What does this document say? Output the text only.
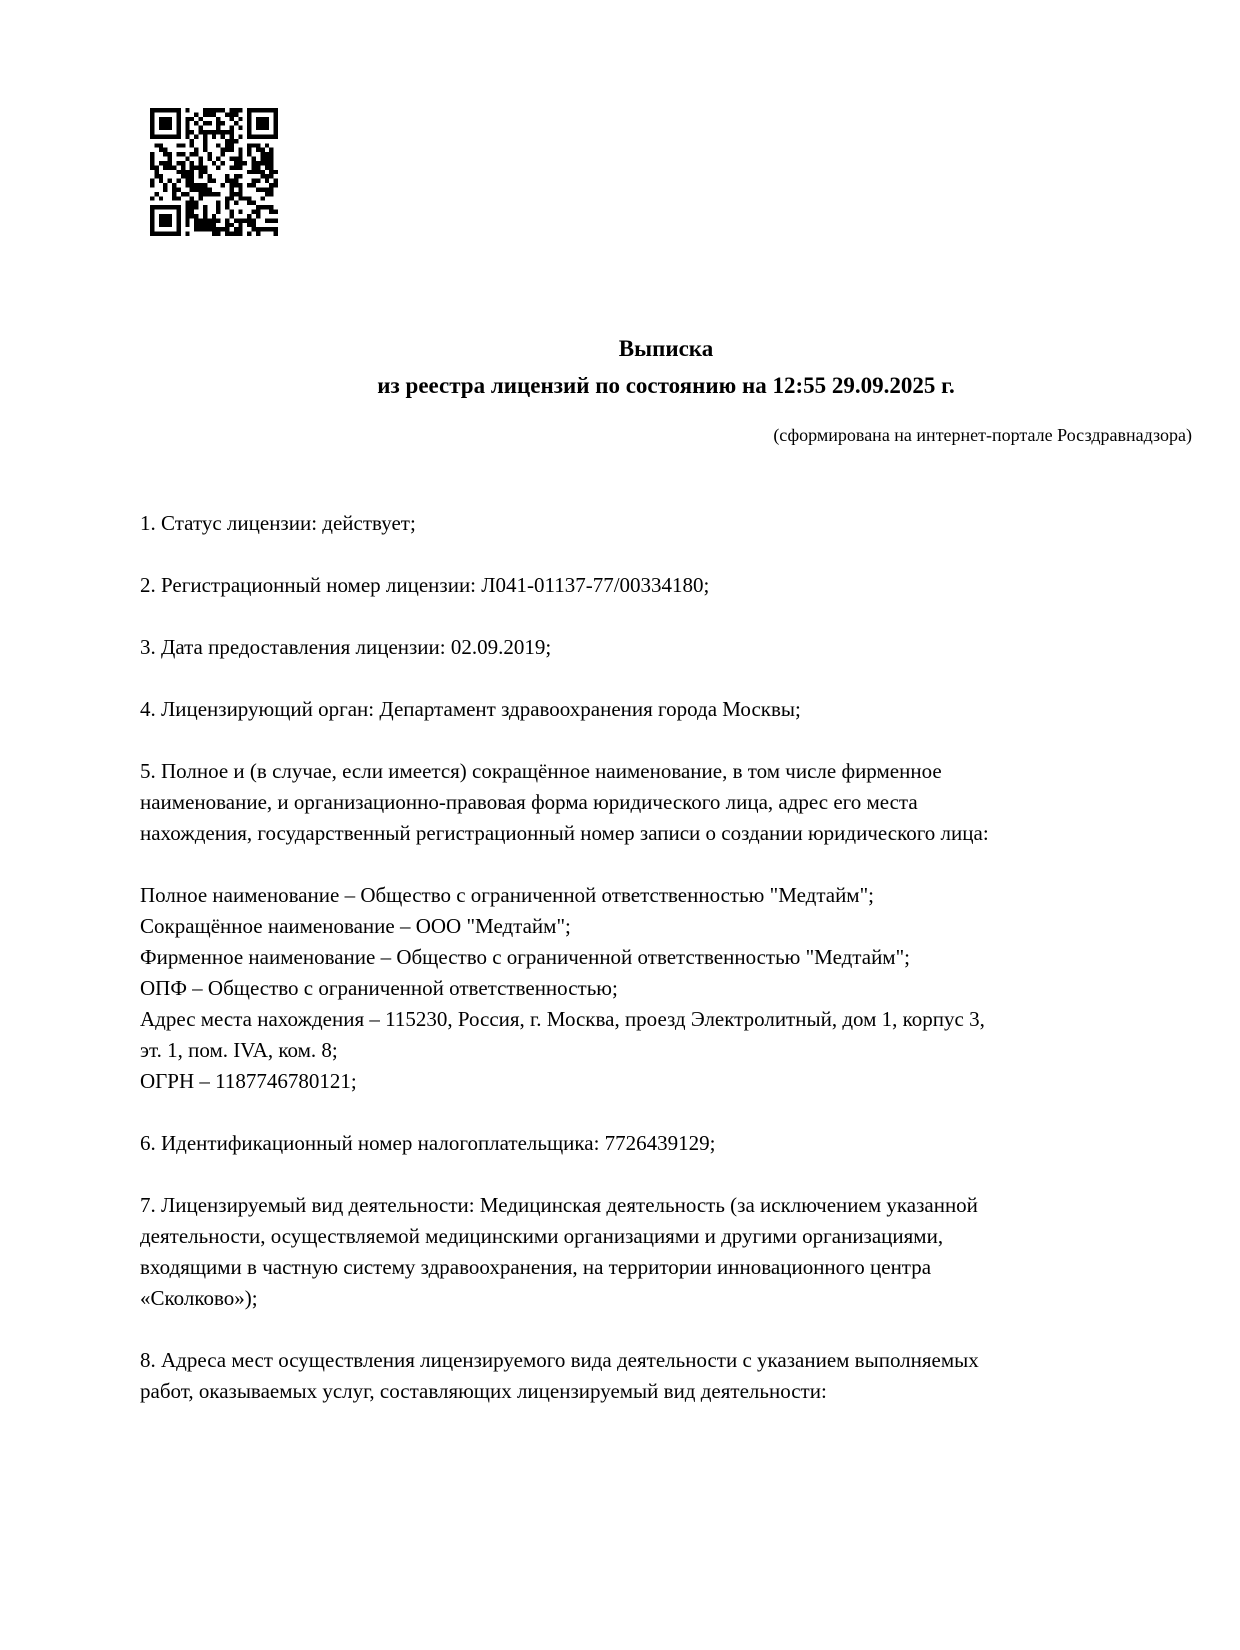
Выписка
из реестра лицензий по состоянию на 12:55 29.09.2025 г.
(сформирована на интернет-портале Росздравнадзора)

1. Статус лицензии: действует;

2. Регистрационный номер лицензии: Л041-01137-77/00334180;

3. Дата предоставления лицензии: 02.09.2019;

4. Лицензирующий орган: Департамент здравоохранения города Москвы;

5. Полное и (в случае, если имеется) сокращённое наименование, в том числе фирменное
наименование, и организационно-правовая форма юридического лица, адрес его места
нахождения, государственный регистрационный номер записи о создании юридического лица:

Полное наименование – Общество с ограниченной ответственностью "Медтайм";
Сокращённое наименование – ООО "Медтайм";
Фирменное наименование – Общество с ограниченной ответственностью "Медтайм";
ОПФ – Общество с ограниченной ответственностью;
Адрес места нахождения – 115230, Россия, г. Москва, проезд Электролитный, дом 1, корпус 3,
эт. 1, пом. IVA, ком. 8;
ОГРН – 1187746780121;

6. Идентификационный номер налогоплательщика: 7726439129;

7. Лицензируемый вид деятельности: Медицинская деятельность (за исключением указанной
деятельности, осуществляемой медицинскими организациями и другими организациями,
входящими в частную систему здравоохранения, на территории инновационного центра
«Сколково»);

8. Адреса мест осуществления лицензируемого вида деятельности с указанием выполняемых
работ, оказываемых услуг, составляющих лицензируемый вид деятельности:
